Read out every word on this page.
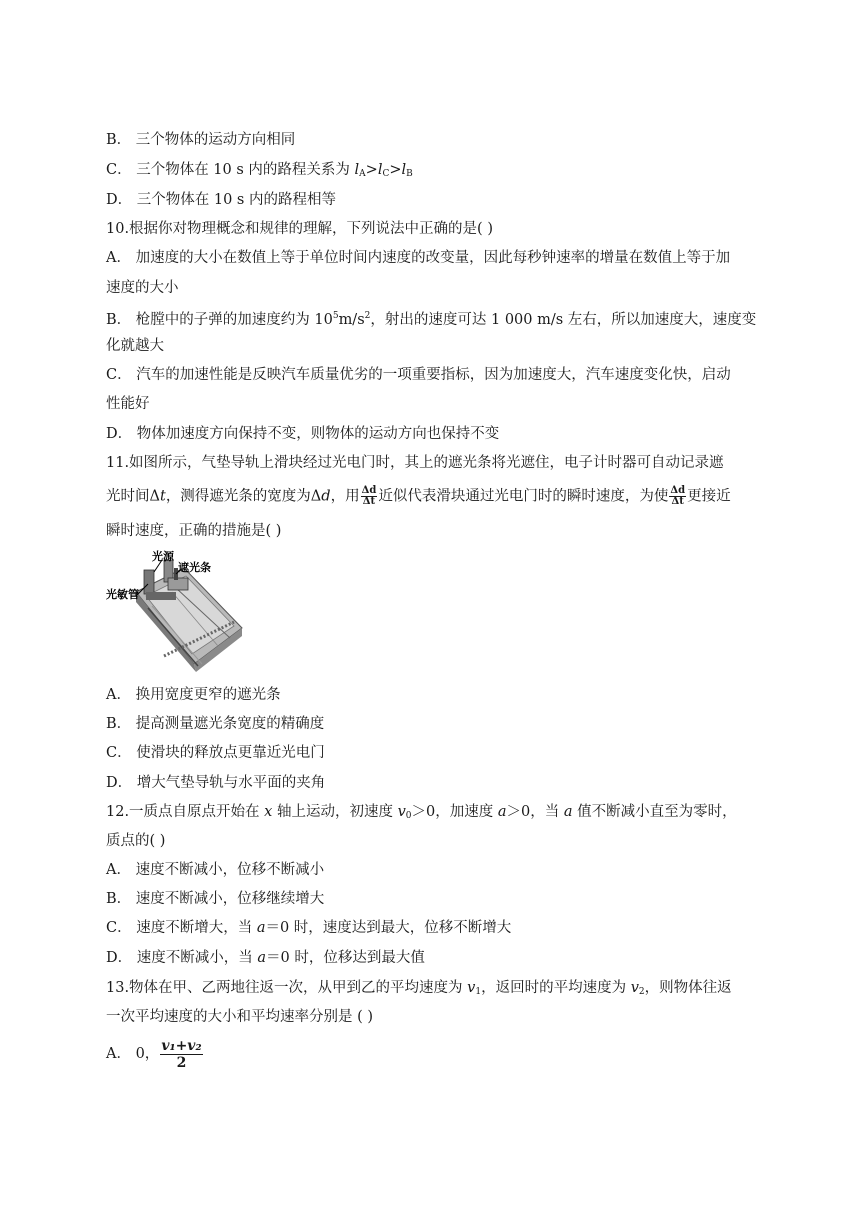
B． 三个物体的运动方向相同
C． 三个物体在 10 s 内的路程关系为 $l_A>l_C>l_B$
D． 三个物体在 10 s 内的路程相等
10.根据你对物理概念和规律的理解，下列说法中正确的是( )
A． 加速度的大小在数值上等于单位时间内速度的改变量，因此每秒钟速率的增量在数值上等于加
速度的大小
B． 枪膛中的子弹的加速度约为 $10^5m/s^2$，射出的速度可达 1 000 m/s 左右，所以加速度大，速度变
化就越大
C． 汽车的加速性能是反映汽车质量优劣的一项重要指标，因为加速度大，汽车速度变化快，启动
性能好
D． 物体加速度方向保持不变，则物体的运动方向也保持不变
11.如图所示，气垫导轨上滑块经过光电门时，其上的遮光条将光遮住，电子计时器可自动记录遮
光时间Δt，测得遮光条的宽度为Δd，用 $\frac{\Delta d}{\Delta t}$ 近似代表滑块通过光电门时的瞬时速度，为使 $\frac{\Delta d}{\Delta t}$ 更接近
瞬时速度，正确的措施是( )
光源
遮光条
光敏管
A． 换用宽度更窄的遮光条
B． 提高测量遮光条宽度的精确度
C． 使滑块的释放点更靠近光电门
D． 增大气垫导轨与水平面的夹角
12.一质点自原点开始在 x 轴上运动，初速度 $v_0>0$，加速度 a＞0，当 a 值不断减小直至为零时，
质点的( )
A． 速度不断减小，位移不断减小
B． 速度不断减小，位移继续增大
C． 速度不断增大，当 a＝0 时，速度达到最大，位移不断增大
D． 速度不断减小，当 a＝0 时，位移达到最大值
13.物体在甲、乙两地往返一次，从甲到乙的平均速度为 $v_1$，返回时的平均速度为 $v_2$，则物体往返
一次平均速度的大小和平均速率分别是 ( )
A． 0， $\frac{\text{v₁+v₂}}{2}$
